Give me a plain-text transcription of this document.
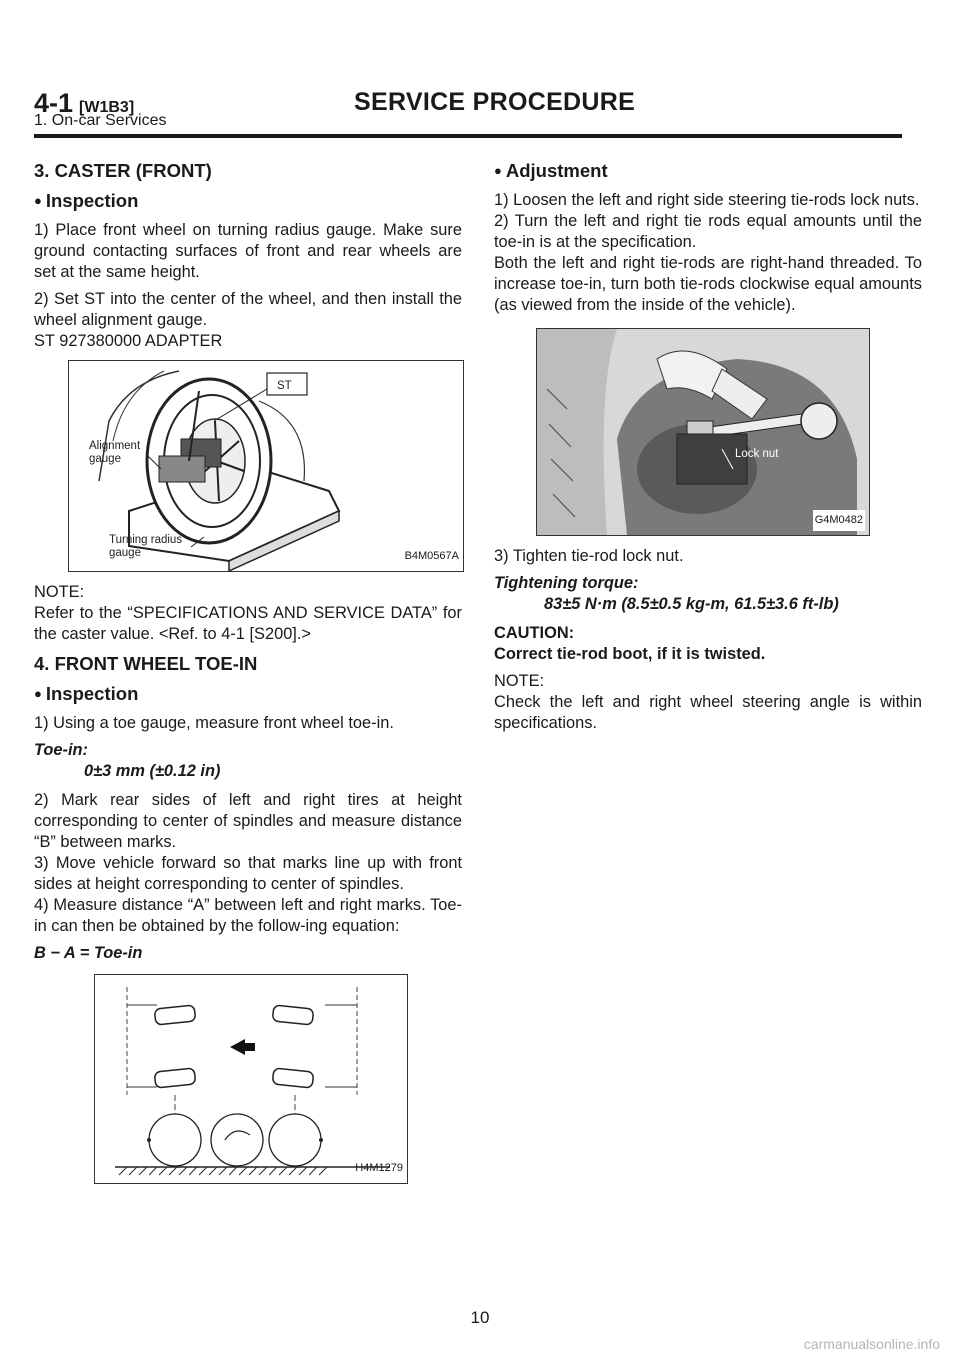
4-1 [W1B3]	SERVICE PROCEDURE
1. On-car Services
3. CASTER (FRONT)
● Inspection

1) Place front wheel on turning radius gauge. Make sure ground contacting surfaces of front and rear wheels are set at the same height.

2) Set ST into the center of the wheel, and then install the wheel alignment gauge.
ST 927380000 ADAPTER

ST
Alignment
gauge
Turning radius
gauge	B4M0567A

NOTE:

Refer to the “SPECIFICATIONS AND SERVICE DATA” for the caster value. <Ref. to 4-1 [S200].>

4. FRONT WHEEL TOE-IN
● Inspection

1) Using a toe gauge, measure front wheel toe-in.

Toe-in:

0±3 mm (±0.12 in)

2) Mark rear sides of left and right tires at height corresponding to center of spindles and measure distance “B” between marks.

3) Move vehicle forward so that marks line up with front sides at height corresponding to center of spindles.

4) Measure distance “A” between left and right marks. Toe-in can then be obtained by the follow-ing equation:

B − A = Toe-in

H4M1279
● Adjustment

1) Loosen the left and right side steering tie-rods lock nuts.

2) Turn the left and right tie rods equal amounts until the toe-in is at the specification.

Both the left and right tie-rods are right-hand threaded. To increase toe-in, turn both tie-rods clockwise equal amounts (as viewed from the inside of the vehicle).

Lock nut
G4M0482

3) Tighten tie-rod lock nut.

Tightening torque:

83±5 N·m (8.5±0.5 kg-m, 61.5±3.6 ft-lb)

CAUTION:

Correct tie-rod boot, if it is twisted.

NOTE:

Check the left and right wheel steering angle is within specifications.

10
carmanualsonline.info
